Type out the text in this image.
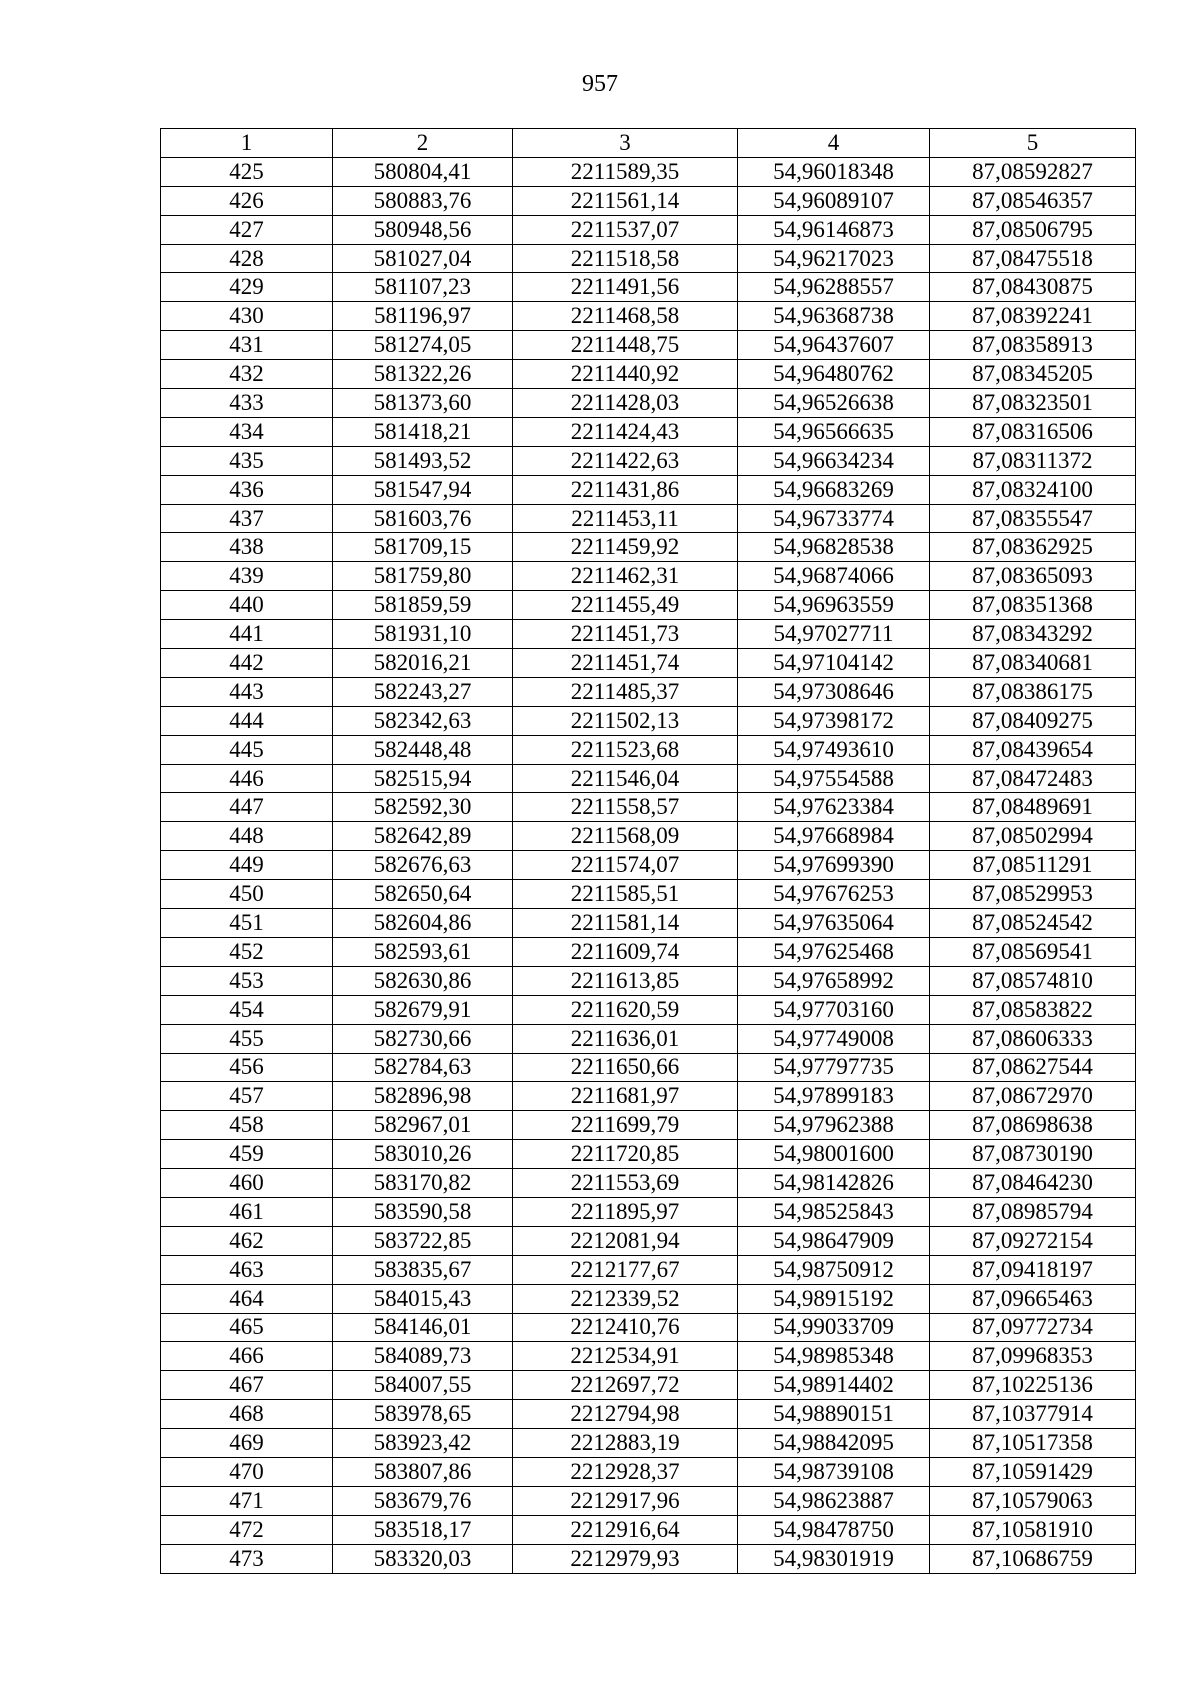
957
1	2	3	4	5
425	580804,41	2211589,35	54,96018348	87,08592827
426	580883,76	2211561,14	54,96089107	87,08546357
427	580948,56	2211537,07	54,96146873	87,08506795
428	581027,04	2211518,58	54,96217023	87,08475518
429	581107,23	2211491,56	54,96288557	87,08430875
430	581196,97	2211468,58	54,96368738	87,08392241
431	581274,05	2211448,75	54,96437607	87,08358913
432	581322,26	2211440,92	54,96480762	87,08345205
433	581373,60	2211428,03	54,96526638	87,08323501
434	581418,21	2211424,43	54,96566635	87,08316506
435	581493,52	2211422,63	54,96634234	87,08311372
436	581547,94	2211431,86	54,96683269	87,08324100
437	581603,76	2211453,11	54,96733774	87,08355547
438	581709,15	2211459,92	54,96828538	87,08362925
439	581759,80	2211462,31	54,96874066	87,08365093
440	581859,59	2211455,49	54,96963559	87,08351368
441	581931,10	2211451,73	54,97027711	87,08343292
442	582016,21	2211451,74	54,97104142	87,08340681
443	582243,27	2211485,37	54,97308646	87,08386175
444	582342,63	2211502,13	54,97398172	87,08409275
445	582448,48	2211523,68	54,97493610	87,08439654
446	582515,94	2211546,04	54,97554588	87,08472483
447	582592,30	2211558,57	54,97623384	87,08489691
448	582642,89	2211568,09	54,97668984	87,08502994
449	582676,63	2211574,07	54,97699390	87,08511291
450	582650,64	2211585,51	54,97676253	87,08529953
451	582604,86	2211581,14	54,97635064	87,08524542
452	582593,61	2211609,74	54,97625468	87,08569541
453	582630,86	2211613,85	54,97658992	87,08574810
454	582679,91	2211620,59	54,97703160	87,08583822
455	582730,66	2211636,01	54,97749008	87,08606333
456	582784,63	2211650,66	54,97797735	87,08627544
457	582896,98	2211681,97	54,97899183	87,08672970
458	582967,01	2211699,79	54,97962388	87,08698638
459	583010,26	2211720,85	54,98001600	87,08730190
460	583170,82	2211553,69	54,98142826	87,08464230
461	583590,58	2211895,97	54,98525843	87,08985794
462	583722,85	2212081,94	54,98647909	87,09272154
463	583835,67	2212177,67	54,98750912	87,09418197
464	584015,43	2212339,52	54,98915192	87,09665463
465	584146,01	2212410,76	54,99033709	87,09772734
466	584089,73	2212534,91	54,98985348	87,09968353
467	584007,55	2212697,72	54,98914402	87,10225136
468	583978,65	2212794,98	54,98890151	87,10377914
469	583923,42	2212883,19	54,98842095	87,10517358
470	583807,86	2212928,37	54,98739108	87,10591429
471	583679,76	2212917,96	54,98623887	87,10579063
472	583518,17	2212916,64	54,98478750	87,10581910
473	583320,03	2212979,93	54,98301919	87,10686759
